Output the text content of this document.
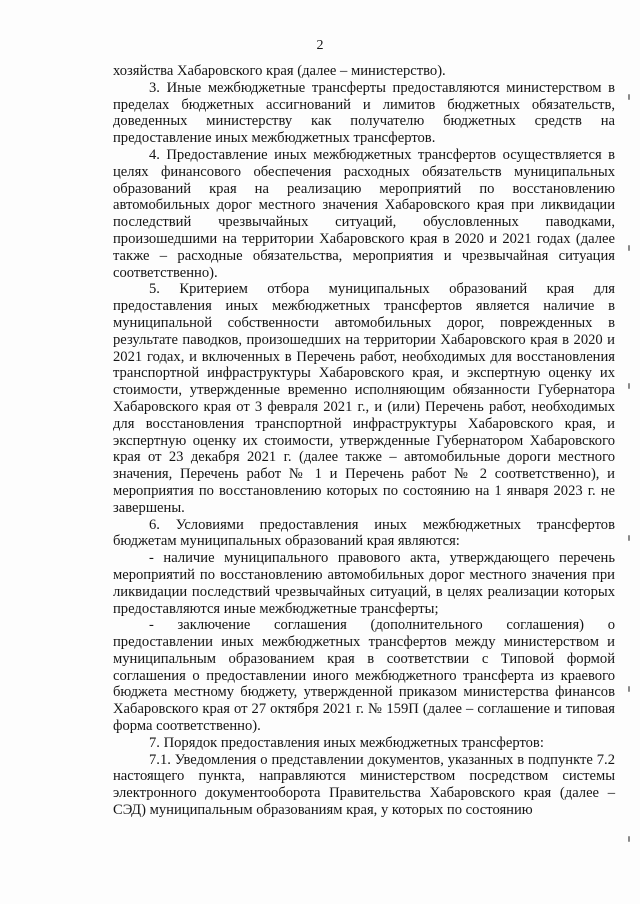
2

хозяйства Хабаровского края (далее – министерство).

3. Иные межбюджетные трансферты предоставляются министерством в пределах бюджетных ассигнований и лимитов бюджетных обязательств, доведенных министерству как получателю бюджетных средств на предоставление иных межбюджетных трансфертов.

4. Предоставление иных межбюджетных трансфертов осуществляется в целях финансового обеспечения расходных обязательств муниципальных образований края на реализацию мероприятий по восстановлению автомобильных дорог местного значения Хабаровского края при ликвидации последствий чрезвычайных ситуаций, обусловленных паводками, произошедшими на территории Хабаровского края в 2020 и 2021 годах (далее также – расходные обязательства, мероприятия и чрезвычайная ситуация соответственно).

5. Критерием отбора муниципальных образований края для предоставления иных межбюджетных трансфертов является наличие в муниципальной собственности автомобильных дорог, поврежденных в результате паводков, произошедших на территории Хабаровского края в 2020 и 2021 годах, и включенных в Перечень работ, необходимых для восстановления транспортной инфраструктуры Хабаровского края, и экспертную оценку их стоимости, утвержденные временно исполняющим обязанности Губернатора Хабаровского края от 3 февраля 2021 г., и (или) Перечень работ, необходимых для восстановления транспортной инфраструктуры Хабаровского края, и экспертную оценку их стоимости, утвержденные Губернатором Хабаровского края от 23 декабря 2021 г. (далее также – автомобильные дороги местного значения, Перечень работ № 1 и Перечень работ № 2 соответственно), и мероприятия по восстановлению которых по состоянию на 1 января 2023 г. не завершены.

6. Условиями предоставления иных межбюджетных трансфертов бюджетам муниципальных образований края являются:

- наличие муниципального правового акта, утверждающего перечень мероприятий по восстановлению автомобильных дорог местного значения при ликвидации последствий чрезвычайных ситуаций, в целях реализации которых предоставляются иные межбюджетные трансферты;

- заключение соглашения (дополнительного соглашения) о предоставлении иных межбюджетных трансфертов между министерством и муниципальным образованием края в соответствии с Типовой формой соглашения о предоставлении иного межбюджетного трансферта из краевого бюджета местному бюджету, утвержденной приказом министерства финансов Хабаровского края от 27 октября 2021 г. № 159П (далее – соглашение и типовая форма соответственно).

7. Порядок предоставления иных межбюджетных трансфертов:

7.1. Уведомления о представлении документов, указанных в подпункте 7.2 настоящего пункта, направляются министерством посредством системы электронного документооборота Правительства Хабаровского края (далее – СЭД) муниципальным образованиям края, у которых по состоянию
